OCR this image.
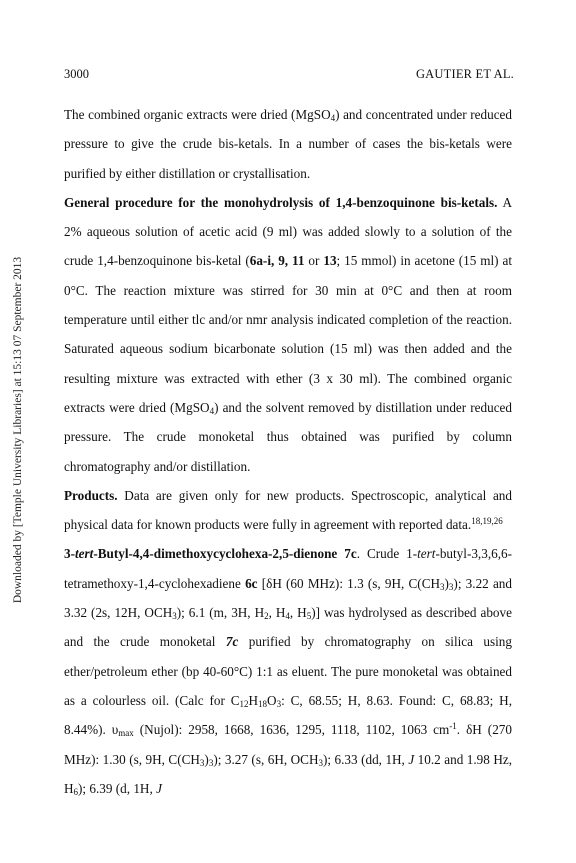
Downloaded by [Temple University Libraries] at 15:13 07 September 2013
3000	GAUTIER ET AL.

The combined organic extracts were dried (MgSO$_4$) and concentrated under reduced pressure to give the crude bis-ketals. In a number of cases the bis-ketals were purified by either distillation or crystallisation.

General procedure for the monohydrolysis of 1,4-benzoquinone bis-ketals. A 2% aqueous solution of acetic acid (9 ml) was added slowly to a solution of the crude 1,4-benzoquinone bis-ketal (6a-i, 9, 11 or 13; 15 mmol) in acetone (15 ml) at 0°C. The reaction mixture was stirred for 30 min at 0°C and then at room temperature until either tlc and/or nmr analysis indicated completion of the reaction. Saturated aqueous sodium bicarbonate solution (15 ml) was then added and the resulting mixture was extracted with ether (3 x 30 ml). The combined organic extracts were dried (MgSO$_4$) and the solvent removed by distillation under reduced pressure. The crude monoketal thus obtained was purified by column chromatography and/or distillation.

Products. Data are given only for new products. Spectroscopic, analytical and physical data for known products were fully in agreement with reported data.$^{18,19,26}$

3-tert-Butyl-4,4-dimethoxycyclohexa-2,5-dienone 7c. Crude 1-tert-butyl-3,3,6,6-tetramethoxy-1,4-cyclohexadiene 6c [δH (60 MHz): 1.3 (s, 9H, $C(CH_3)_3$); 3.22 and 3.32 (2s, 12H, $OCH_3$); 6.1 (m, 3H, $H_2$, $H_4$, $H_5$)] was hydrolysed as described above and the crude monoketal 7c purified by chromatography on silica using ether/petroleum ether (bp 40-60°C) 1:1 as eluent. The pure monoketal was obtained as a colourless oil. (Calc for $C_{12}H_{18}O_3$: C, 68.55; H, 8.63. Found: C, 68.83; H, 8.44%). $\upsilon_{max}$ (Nujol): 2958, 1668, 1636, 1295, 1118, 1102, 1063 $cm^{-1}$. δH (270 MHz): 1.30 (s, 9H, $C(CH_3)_3$); 3.27 (s, 6H, $OCH_3$); 6.33 (dd, 1H, J 10.2 and 1.98 Hz, $H_6$); 6.39 (d, 1H, J
